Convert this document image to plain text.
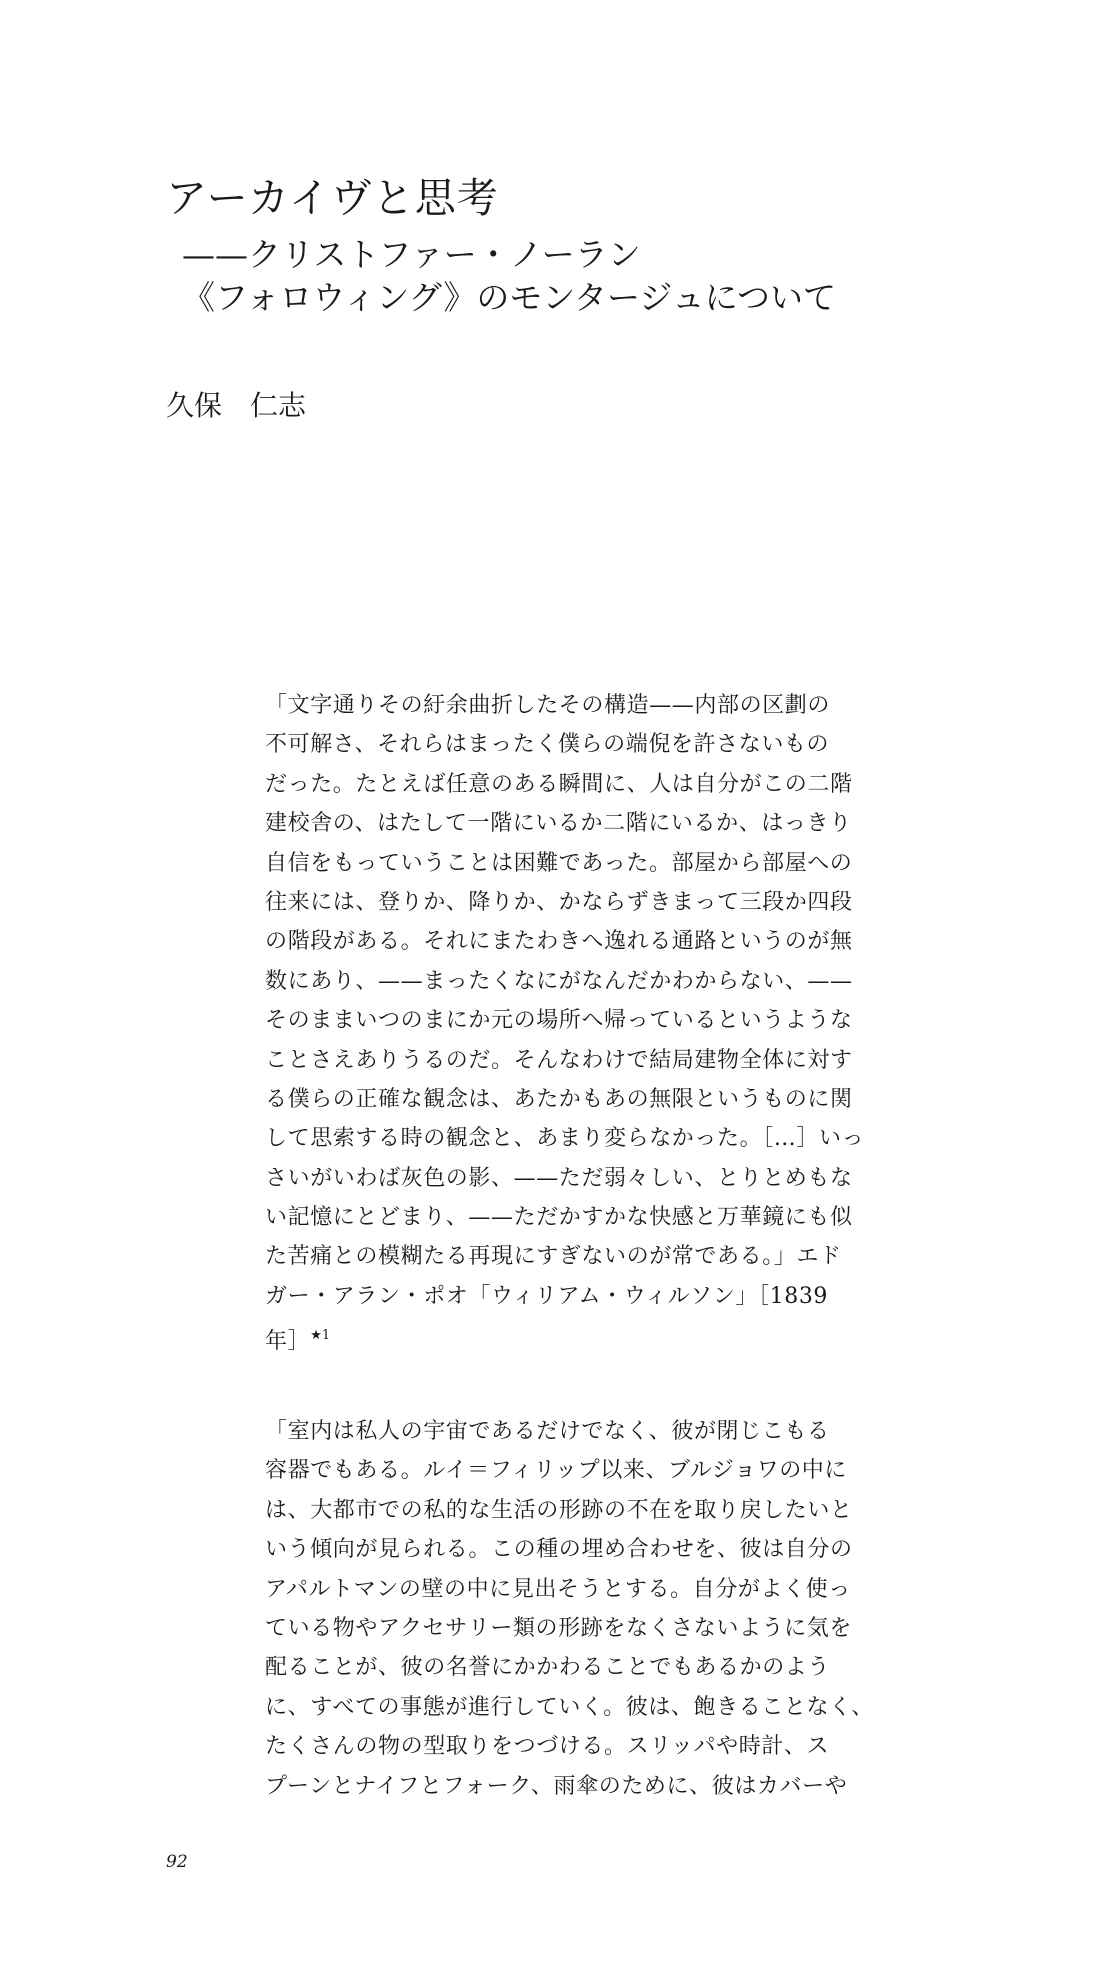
アーカイヴと思考
——クリストファー・ノーラン
《フォロウィング》のモンタージュについて
久保　仁志
「文字通りその紆余曲折したその構造——内部の区劃の
不可解さ、それらはまったく僕らの端倪を許さないもの
だった。たとえば任意のある瞬間に、人は自分がこの二階
建校舎の、はたして一階にいるか二階にいるか、はっきり
自信をもっていうことは困難であった。部屋から部屋への
往来には、登りか、降りか、かならずきまって三段か四段
の階段がある。それにまたわきへ逸れる通路というのが無
数にあり、——まったくなにがなんだかわからない、——
そのままいつのまにか元の場所へ帰っているというような
ことさえありうるのだ。そんなわけで結局建物全体に対す
る僕らの正確な観念は、あたかもあの無限というものに関
して思索する時の観念と、あまり変らなかった。［…］いっ
さいがいわば灰色の影、——ただ弱々しい、とりとめもな
い記憶にとどまり、——ただかすかな快感と万華鏡にも似
た苦痛との模糊たる再現にすぎないのが常である。」エド
ガー・アラン・ポオ「ウィリアム・ウィルソン」［1839
年］$^{★1}$
「室内は私人の宇宙であるだけでなく、彼が閉じこもる
容器でもある。ルイ＝フィリップ以来、ブルジョワの中に
は、大都市での私的な生活の形跡の不在を取り戻したいと
いう傾向が見られる。この種の埋め合わせを、彼は自分の
アパルトマンの壁の中に見出そうとする。自分がよく使っ
ている物やアクセサリー類の形跡をなくさないように気を
配ることが、彼の名誉にかかわることでもあるかのよう
に、すべての事態が進行していく。彼は、飽きることなく、
たくさんの物の型取りをつづける。スリッパや時計、ス
プーンとナイフとフォーク、雨傘のために、彼はカバーや
92
